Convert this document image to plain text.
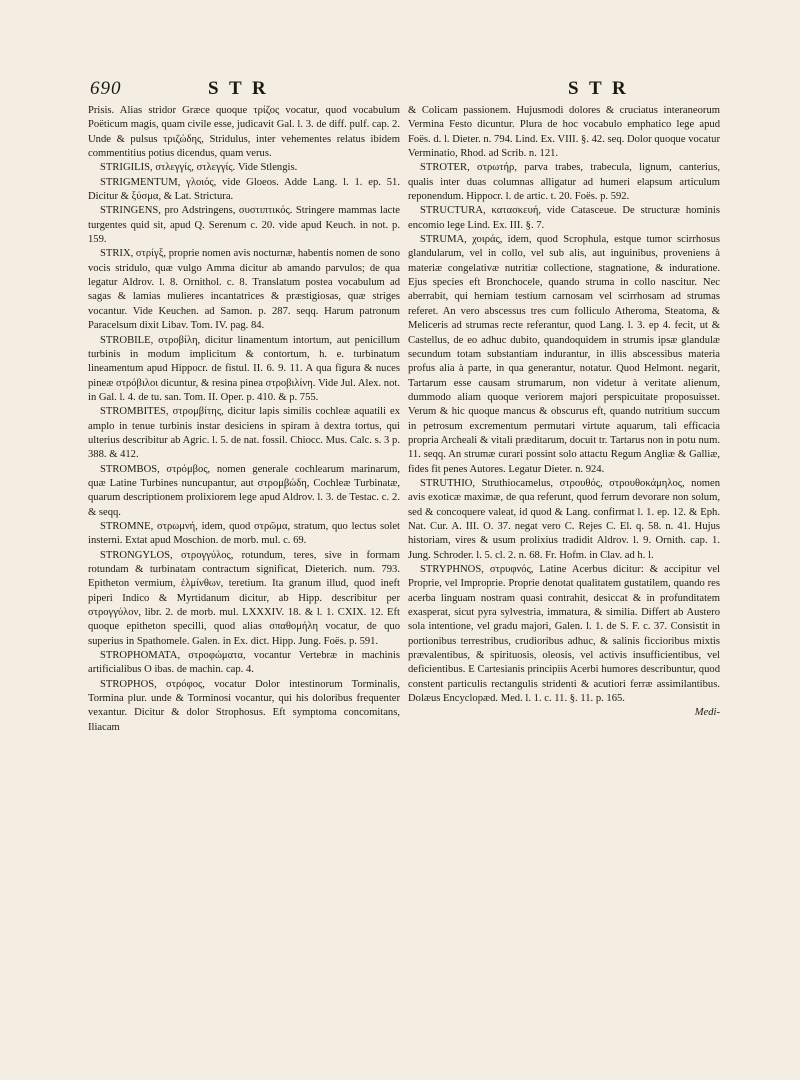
690	S T R	S T R

Prisis. Alias stridor Græce quoque τρίζος vocatur, quod vocabulum Poëticum magis, quam civile esse, judicavit Gal. l. 3. de diff. pulf. cap. 2. Unde & pulsus τριζώδης, Stridulus, inter vehementes relatus ibidem commentitius potius dicendus, quam verus.

STRIGILIS, στλεγγίς, στλεγγίς. Vide Stlengis.

STRIGMENTUM, γλοιός, vide Gloeos. Adde Lang. l. 1. ep. 51. Dicitur & ξύσμα, & Lat. Strictura.

STRINGENS, pro Adstringens, συστιπτικός. Stringere mammas lacte turgentes quid sit, apud Q. Serenum c. 20. vide apud Keuch. in not. p. 159.

STRIX, στρίγξ, proprie nomen avis nocturnæ, habentis nomen de sono vocis stridulo, quæ vulgo Amma dicitur ab amando parvulos; de qua legatur Aldrov. l. 8. Ornithol. c. 8. Translatum postea vocabulum ad sagas & lamias mulieres incantatrices & præstigiosas, quæ striges vocantur. Vide Keuchen. ad Samon. p. 287. seqq. Harum patronum Paracelsum dixit Libav. Tom. IV. pag. 84.

STROBILE, στροβίλη, dicitur linamentum intortum, aut penicillum turbinis in modum implicitum & contortum, h. e. turbinatum lineamentum apud Hippocr. de fistul. II. 6. 9. 11. A qua figura & nuces pineæ στρόβιλοι dicuntur, & resina pinea στροβιλίνη. Vide Jul. Alex. not. in Gal. l. 4. de tu. san. Tom. II. Oper. p. 410. & p. 755.

STROMBITES, στρομβίτης, dicitur lapis similis cochleæ aquatili ex amplo in tenue turbinis instar desiciens in spiram à dextra tortus, qui ulterius describitur ab Agric. l. 5. de nat. fossil. Chiocc. Mus. Calc. s. 3 p. 388. & 412.

STROMBOS, στρόμβος, nomen generale cochlearum marinarum, quæ Latine Turbines nuncupantur, aut στρομβώδη, Cochleæ Turbinatæ, quarum descriptionem prolixiorem lege apud Aldrov. l. 3. de Testac. c. 2. & seqq.

STROMNE, στρωμνή, idem, quod στρῶμα, stratum, quo lectus solet insterni. Extat apud Moschion. de morb. mul. c. 69.

STRONGYLOS, στρογγύλος, rotundum, teres, sive in formam rotundam & turbinatam contractum significat, Dieterich. num. 793. Epitheton vermium, ἑλμίνθων, teretium. Ita granum illud, quod ineft piperi Indico & Myrtidanum dicitur, ab Hipp. describitur per στρογγύλον, libr. 2. de morb. mul. LXXXIV. 18. & l. 1. CXIX. 12. Eft quoque epitheton specilli, quod alias σπαθομήλη vocatur, de quo superius in Spathomele. Galen. in Ex. dict. Hipp. Jung. Foës. p. 591.

STROPHOMATA, στροφώματα, vocantur Vertebræ in machinis artificialibus O ibas. de machin. cap. 4.

STROPHOS, στρόφος, vocatur Dolor intestinorum Torminalis, Tormina plur. unde & Torminosi vocantur, qui his doloribus frequenter vexantur. Dicitur & dolor Strophosus. Eft symptoma concomitans, Iliacam

& Colicam passionem. Hujusmodi dolores & cruciatus interaneorum Vermina Festo dicuntur. Plura de hoc vocabulo emphatico lege apud Foës. d. l. Dieter. n. 794. Lind. Ex. VIII. §. 42. seq. Dolor quoque vocatur Verminatio, Rhod. ad Scrib. n. 121.

STROTER, στρωτήρ, parva trabes, trabecula, lignum, canterius, qualis inter duas columnas alligatur ad humeri elapsum articulum reponendum. Hippocr. l. de artic. t. 20. Foës. p. 592.

STRUCTURA, κατασκευή, vide Catasceue. De structuræ hominis encomio lege Lind. Ex. III. §. 7.

STRUMA, χοιράς, idem, quod Scrophula, estque tumor scirrhosus glandularum, vel in collo, vel sub alis, aut inguinibus, proveniens à materiæ congelativæ nutritiæ collectione, stagnatione, & induratione. Ejus species eft Bronchocele, quando struma in collo nascitur. Nec aberrabit, qui herniam testium carnosam vel scirrhosam ad strumas referet. An vero abscessus tres cum folliculo Atheroma, Steatoma, & Meliceris ad strumas recte referantur, quod Lang. l. 3. ep 4. fecit, ut & Castellus, de eo adhuc dubito, quandoquidem in strumis ipsæ glandulæ secundum totam substantiam indurantur, in illis abscessibus materia profus alia à parte, in qua generantur, notatur. Quod Helmont. negarit, Tartarum esse causam strumarum, non videtur à veritate alienum, dummodo aliam quoque veriorem majori perspicuitate proposuisset. Verum & hic quoque mancus & obscurus eft, quando nutritium succum in petrosum excrementum permutari virtute aquarum, tali efficacia propria Archeali & vitali præditarum, docuit tr. Tartarus non in potu num. 11. seqq. An strumæ curari possint solo attactu Regum Angliæ & Galliæ, fides fit penes Autores. Legatur Dieter. n. 924.

STRUTHIO, Struthiocamelus, στρουθός, στρουθοκάμηλος, nomen avis exoticæ maximæ, de qua referunt, quod ferrum devorare non solum, sed & concoquere valeat, id quod & Lang. confirmat l. 1. ep. 12. & Eph. Nat. Cur. A. III. O. 37. negat vero C. Rejes C. El. q. 58. n. 41. Hujus historiam, vires & usum prolixius tradidit Aldrov. l. 9. Ornith. cap. 1. Jung. Schroder. l. 5. cl. 2. n. 68. Fr. Hofm. in Clav. ad h. l.

STRYPHNOS, στρυφνός, Latine Acerbus dicitur: & accipitur vel Proprie, vel Improprie. Proprie denotat qualitatem gustatilem, quando res acerba linguam nostram quasi contrahit, desiccat & in profunditatem exasperat, sicut pyra sylvestria, immatura, & similia. Differt ab Austero sola intentione, vel gradu majori, Galen. l. 1. de S. F. c. 37. Consistit in portionibus terrestribus, crudioribus adhuc, & salinis ficcioribus mixtis prævalentibus, & spirituosis, oleosis, vel activis insufficientibus, vel deficientibus. E Cartesianis principiis Acerbi humores describuntur, quod constent particulis rectangulis stridenti & acutiori ferræ assimilantibus. Dolæus Encyclopæd. Med. l. 1. c. 11. §. 11. p. 165.

Medi-
